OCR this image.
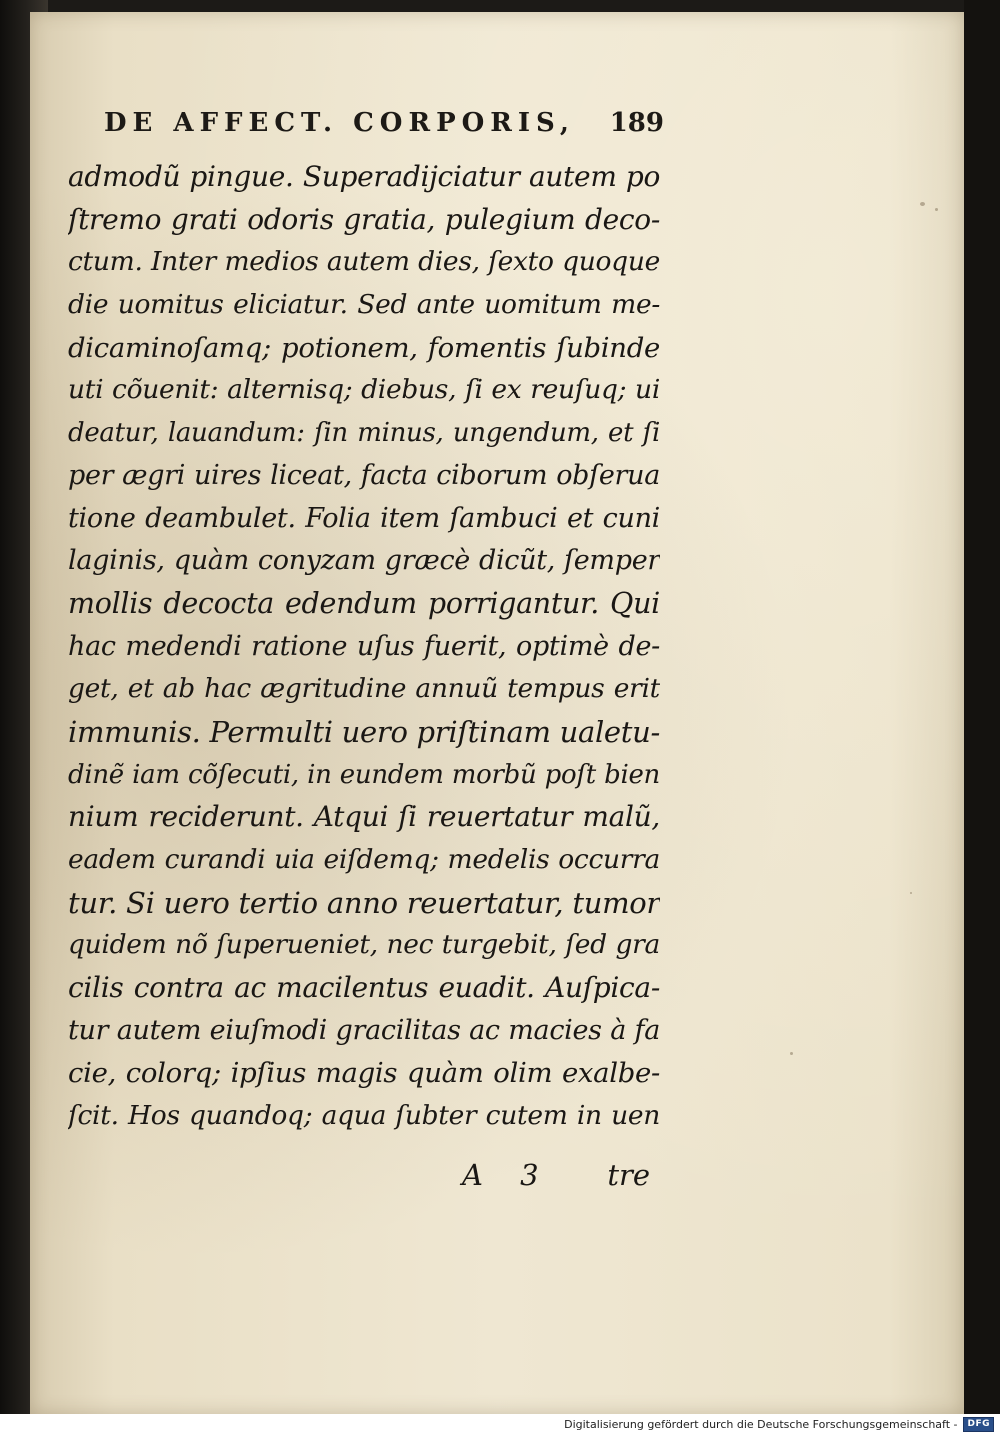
DE AFFECT. CORPORIS, 189
admodũ pingue. Superadijciatur autem po
ſtremo grati odoris gratia, pulegium deco-
ctum. Inter medios autem dies, ſexto quoque
die uomitus eliciatur. Sed ante uomitum me-
dicaminoſamq; potionem, fomentis ſubinde
uti cõuenit: alternisq; diebus, ſi ex reuſuq; ui
deatur, lauandum: ſin minus, ungendum, et ſi
per ægri uires liceat, facta ciborum obſerua
tione deambulet. Folia item ſambuci et cuni
laginis, quàm conyzam græcè dicũt, ſemper
mollis decocta edendum porrigantur. Qui
hac medendi ratione uſus fuerit, optimè de-
get, et ab hac ægritudine annuũ tempus erit
immunis. Permulti uero priſtinam ualetu-
dinẽ iam cõſecuti, in eundem morbũ poſt bien
nium reciderunt. Atqui ſi reuertatur malũ,
eadem curandi uia eiſdemq; medelis occurra
tur. Si uero tertio anno reuertatur, tumor
quidem nõ ſuperueniet, nec turgebit, ſed gra
cilis contra ac macilentus euadit. Auſpica-
tur autem eiuſmodi gracilitas ac macies à fa
cie, colorq; ipſius magis quàm olim exalbe-
ſcit. Hos quandoq; aqua ſubter cutem in uen
A 3 tre
Digitalisierung gefördert durch die Deutsche Forschungsgemeinschaft -	DFG
